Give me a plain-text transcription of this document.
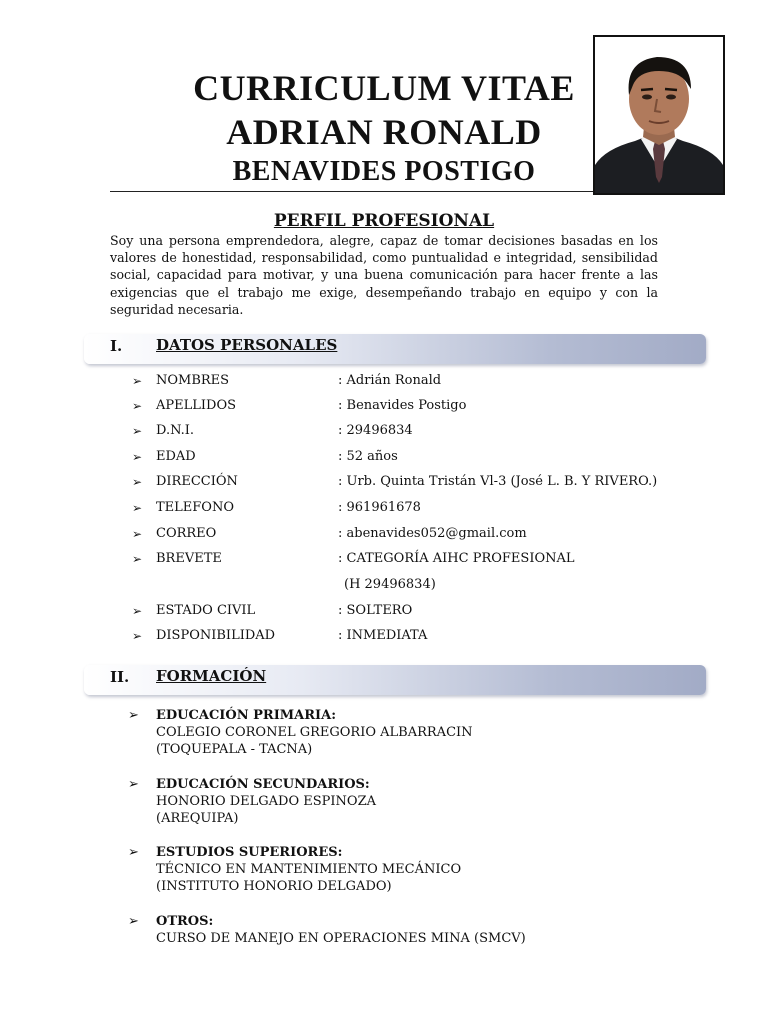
CURRICULUM VITAE
ADRIAN RONALD
BENAVIDES POSTIGO
PERFIL PROFESIONAL
Soy una persona emprendedora, alegre, capaz de tomar decisiones basadas en los valores de honestidad, responsabilidad, como puntualidad e integridad, sensibilidad social, capacidad para motivar, y una buena comunicación para hacer frente a las exigencias que el trabajo me exige, desempeñando trabajo en equipo y con la seguridad necesaria.
I. DATOS PERSONALES
➢ NOMBRES	: Adrián Ronald
➢ APELLIDOS	: Benavides Postigo
➢ D.N.I.	: 29496834
➢ EDAD	: 52 años
➢ DIRECCIÓN	: Urb. Quinta Tristán Vl-3 (José L. B. Y RIVERO.)
➢ TELEFONO	: 961961678
➢ CORREO	: abenavides052@gmail.com
➢ BREVETE	: CATEGORÍA AIHC PROFESIONAL
(H 29496834)
➢ ESTADO CIVIL	: SOLTERO
➢ DISPONIBILIDAD	: INMEDIATA
II. FORMACIÓN
➢ EDUCACIÓN PRIMARIA:
COLEGIO CORONEL GREGORIO ALBARRACIN
(TOQUEPALA - TACNA)
➢ EDUCACIÓN SECUNDARIOS:
HONORIO DELGADO ESPINOZA
(AREQUIPA)
➢ ESTUDIOS SUPERIORES:
TÉCNICO EN MANTENIMIENTO MECÁNICO
(INSTITUTO HONORIO DELGADO)
➢ OTROS:
CURSO DE MANEJO EN OPERACIONES MINA (SMCV)
